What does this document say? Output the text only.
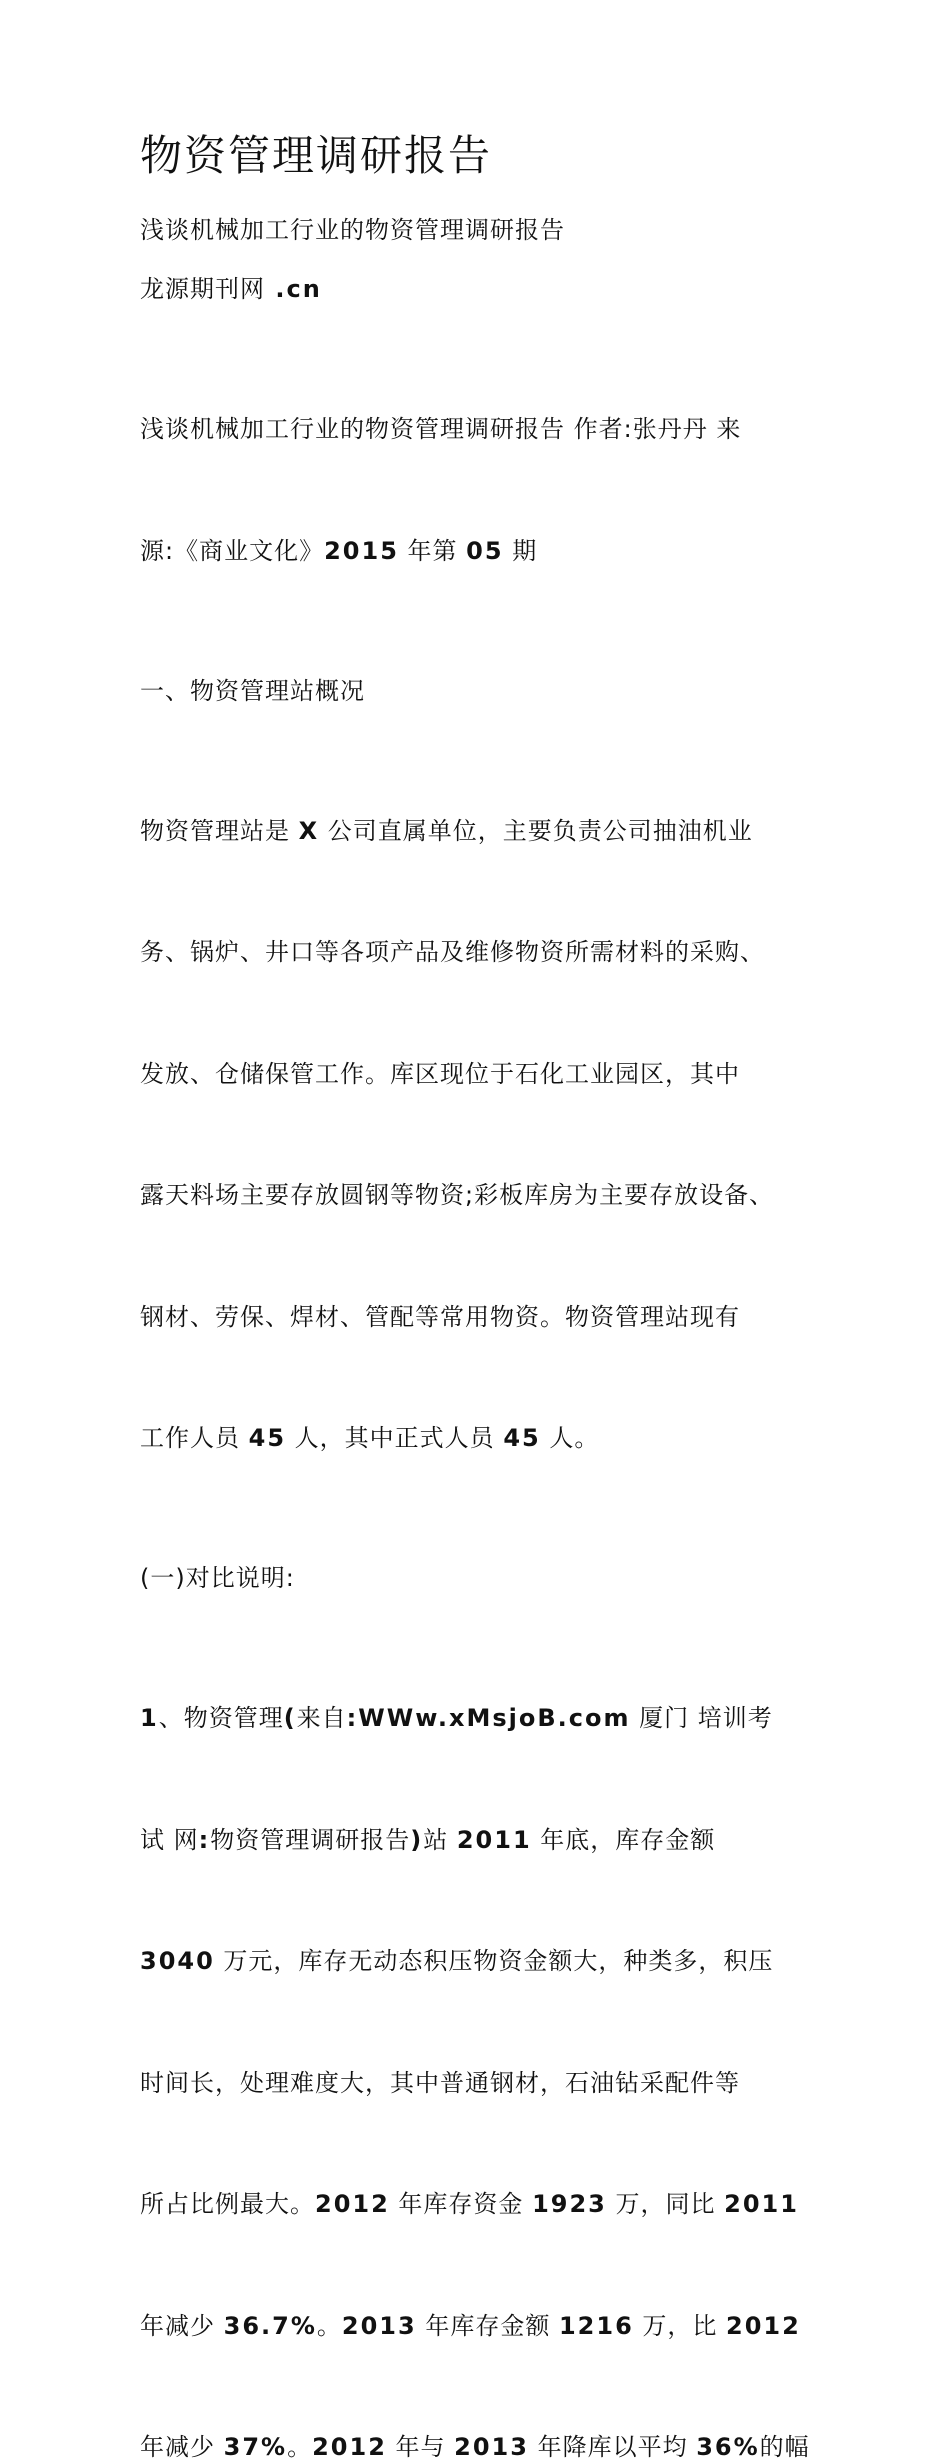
物资管理调研报告

浅谈机械加工行业的物资管理调研报告

龙源期刊网 .cn

浅谈机械加工行业的物资管理调研报告 作者:张丹丹 来

源:《商业文化》2015 年第 05 期

一、物资管理站概况

物资管理站是 X 公司直属单位，主要负责公司抽油机业

务、锅炉、井口等各项产品及维修物资所需材料的采购、

发放、仓储保管工作。库区现位于石化工业园区，其中

露天料场主要存放圆钢等物资;彩板库房为主要存放设备、

钢材、劳保、焊材、管配等常用物资。物资管理站现有

工作人员 45 人，其中正式人员 45 人。

(一)对比说明:

1、物资管理(来自:WWw.xMsjoB.com 厦门 培训考

试 网:物资管理调研报告)站 2011 年底，库存金额

3040 万元，库存无动态积压物资金额大，种类多，积压

时间长，处理难度大，其中普通钢材，石油钻采配件等

所占比例最大。2012 年库存资金 1923 万，同比 2011

年减少 36.7%。2013 年库存金额 1216 万，比 2012

年减少 37%。2012 年与 2013 年降库以平均 36%的幅
